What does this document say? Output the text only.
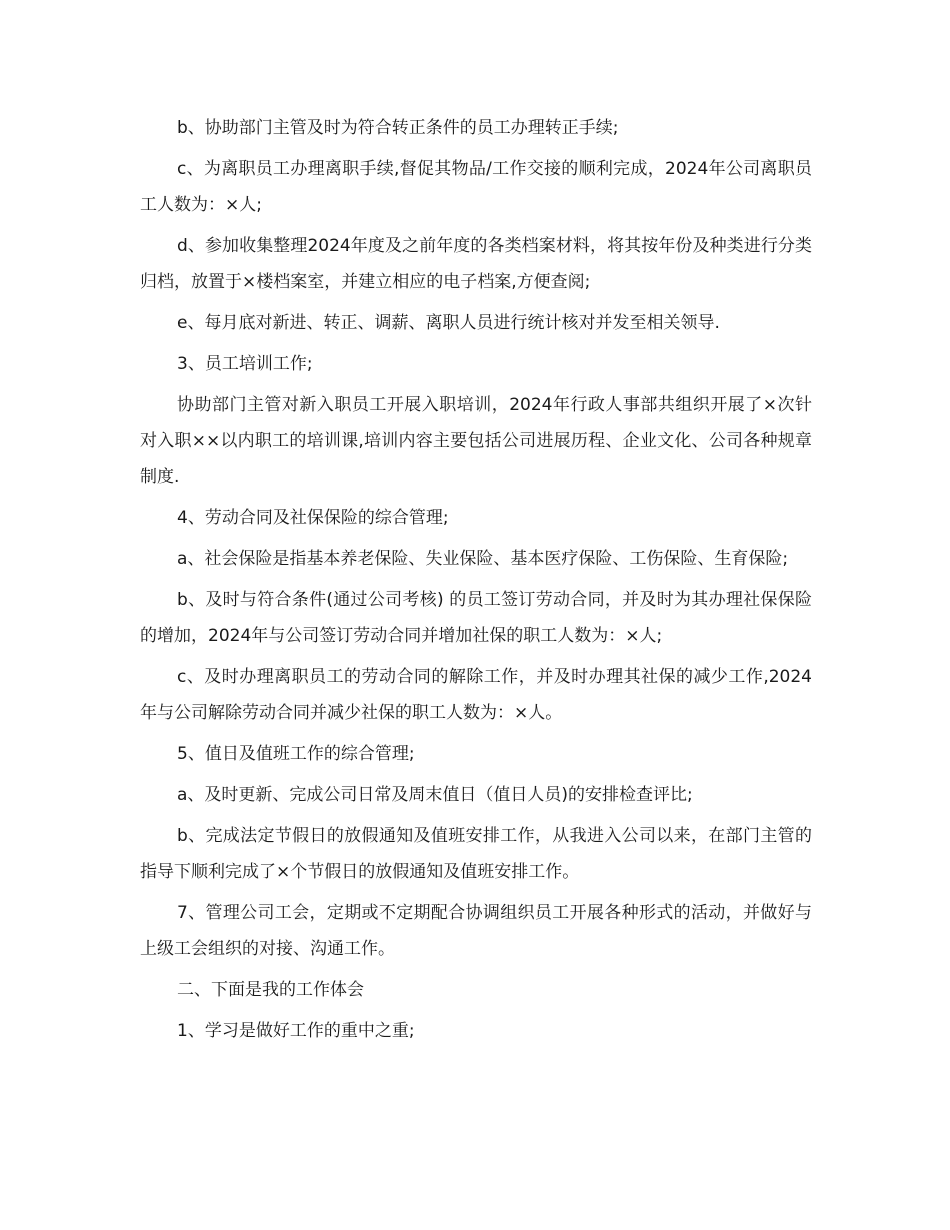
b、协助部门主管及时为符合转正条件的员工办理转正手续;

c、为离职员工办理离职手续,督促其物品/工作交接的顺利完成，2024年公司离职员工人数为：×人;

d、参加收集整理2024年度及之前年度的各类档案材料，将其按年份及种类进行分类归档，放置于×楼档案室，并建立相应的电子档案,方便查阅;

e、每月底对新进、转正、调薪、离职人员进行统计核对并发至相关领导.

3、员工培训工作;

协助部门主管对新入职员工开展入职培训，2024年行政人事部共组织开展了×次针对入职××以内职工的培训课,培训内容主要包括公司进展历程、企业文化、公司各种规章制度.

4、劳动合同及社保保险的综合管理;

a、社会保险是指基本养老保险、失业保险、基本医疗保险、工伤保险、生育保险;

b、及时与符合条件(通过公司考核) 的员工签订劳动合同，并及时为其办理社保保险的增加，2024年与公司签订劳动合同并增加社保的职工人数为：×人;

c、及时办理离职员工的劳动合同的解除工作，并及时办理其社保的减少工作,2024年与公司解除劳动合同并减少社保的职工人数为：×人。

5、值日及值班工作的综合管理;

a、及时更新、完成公司日常及周末值日（值日人员)的安排检查评比;

b、完成法定节假日的放假通知及值班安排工作，从我进入公司以来，在部门主管的指导下顺利完成了×个节假日的放假通知及值班安排工作。

7、管理公司工会，定期或不定期配合协调组织员工开展各种形式的活动，并做好与上级工会组织的对接、沟通工作。

二、下面是我的工作体会

1、学习是做好工作的重中之重;
